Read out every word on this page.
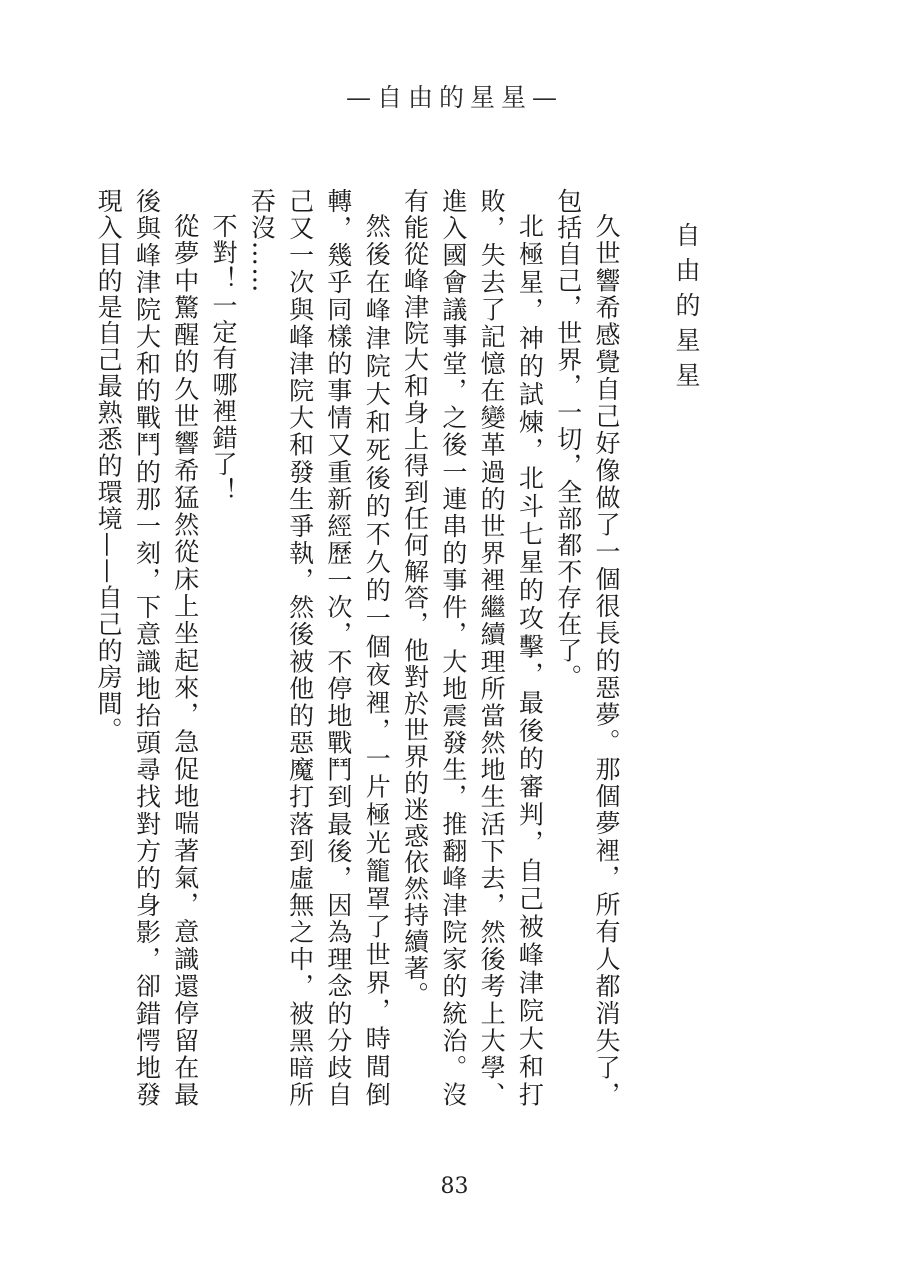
—自由的星星—
自由的星星

久世響希感覺自己好像做了一個很長的惡夢。那個夢裡，所有人都消失了，包括自己，世界，一切，全部都不存在了。

北極星，神的試煉，北斗七星的攻擊，最後的審判，自己被峰津院大和打敗，失去了記憶在變革過的世界裡繼續理所當然地生活下去，然後考上大學、進入國會議事堂，之後一連串的事件，大地震發生，推翻峰津院家的統治。沒有能從峰津院大和身上得到任何解答，他對於世界的迷惑依然持續著。

然後在峰津院大和死後的不久的一個夜裡，一片極光籠罩了世界，時間倒轉，幾乎同樣的事情又重新經歷一次，不停地戰鬥到最後，因為理念的分歧自己又一次與峰津院大和發生爭執，然後被他的惡魔打落到虛無之中，被黑暗所吞沒……

不對！一定有哪裡錯了！

從夢中驚醒的久世響希猛然從床上坐起來，急促地喘著氣，意識還停留在最後與峰津院大和的戰鬥的那一刻，下意識地抬頭尋找對方的身影，卻錯愕地發現入目的是自己最熟悉的環境——自己的房間。

83
